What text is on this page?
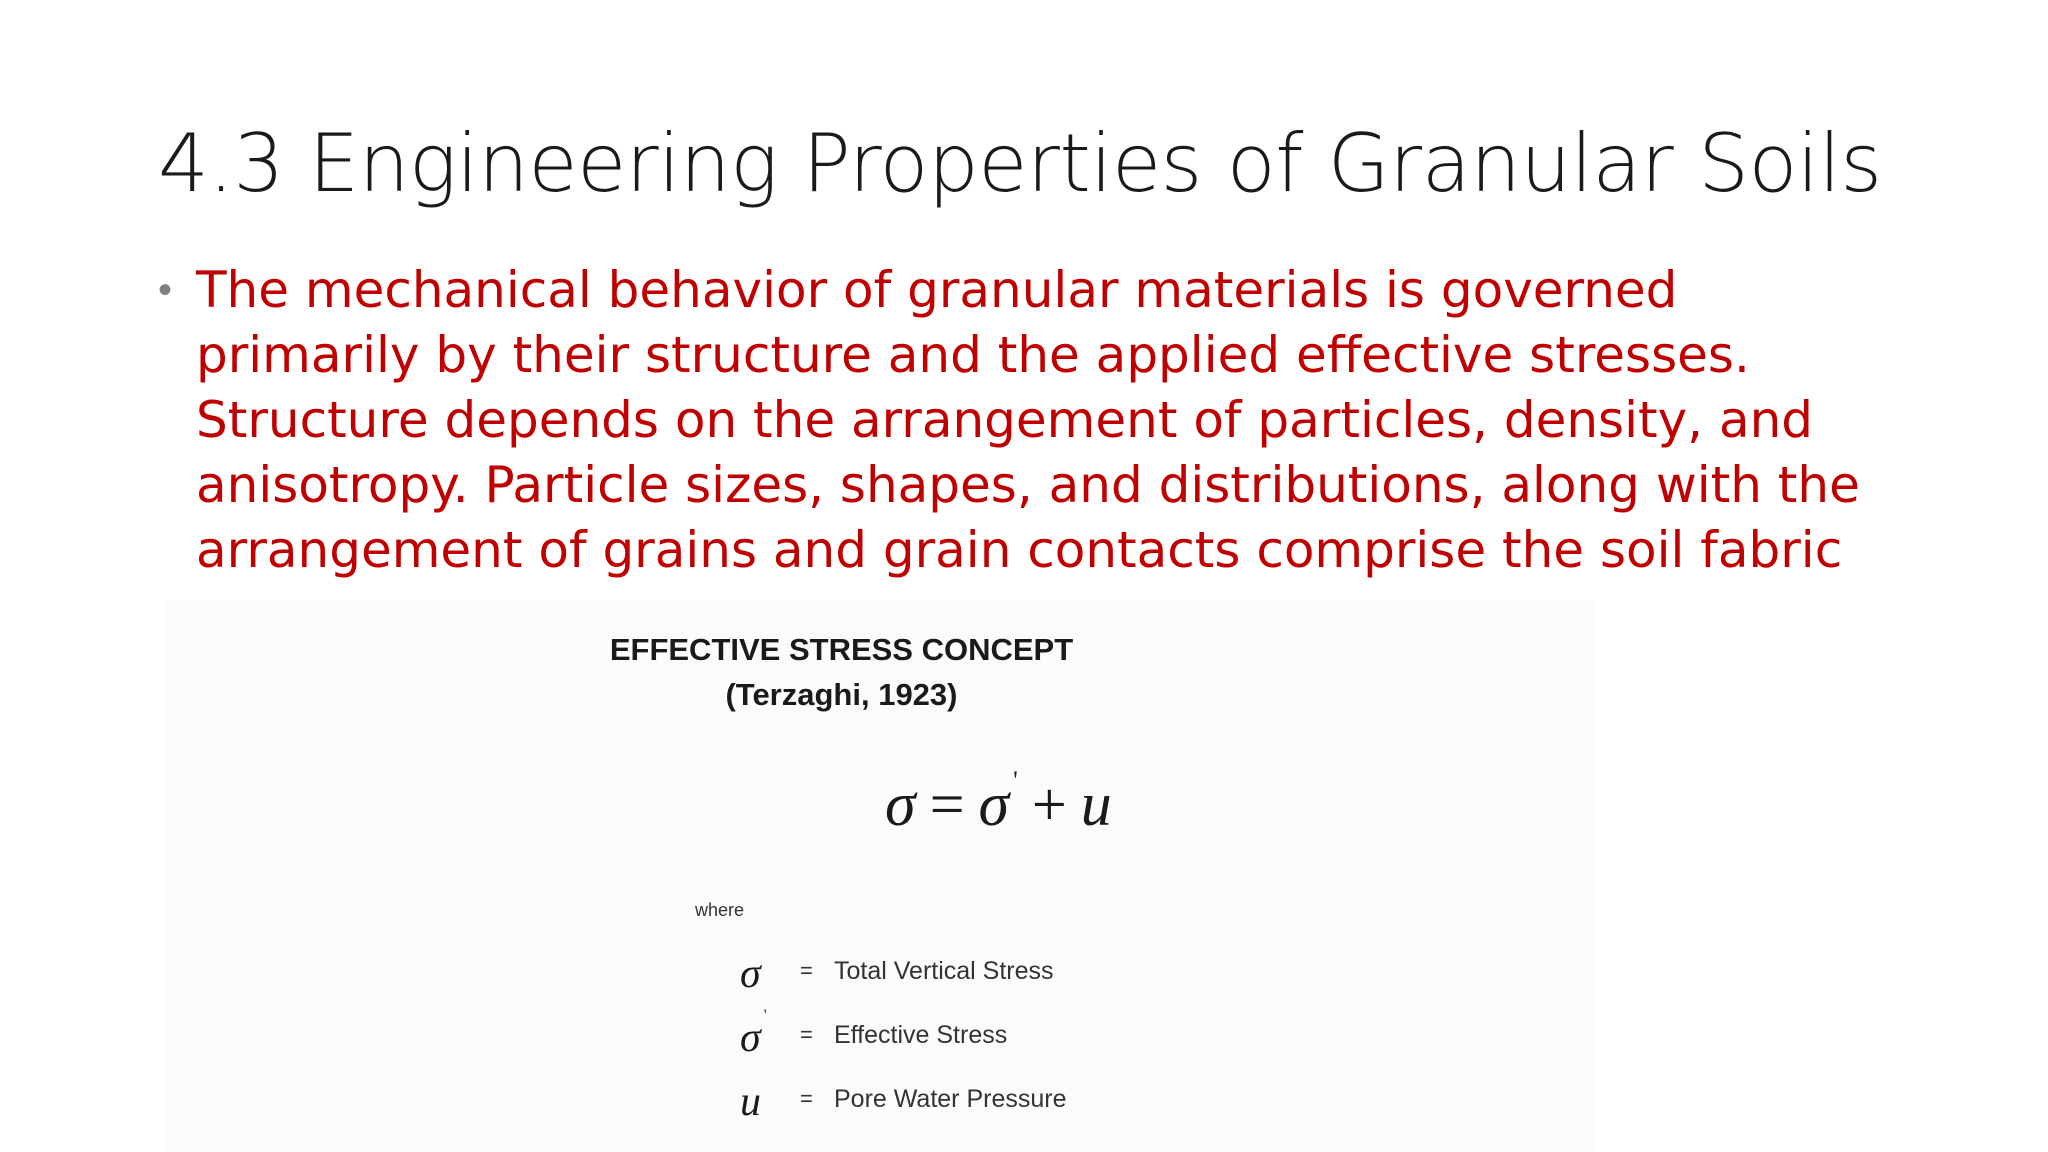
4.3 Engineering Properties of Granular Soils
• The mechanical behavior of granular materials is governed primarily by their structure and the applied effective stresses. Structure depends on the arrangement of particles, density, and anisotropy. Particle sizes, shapes, and distributions, along with the arrangement of grains and grain contacts comprise the soil fabric

EFFECTIVE STRESS CONCEPT

(Terzaghi, 1923)

σ = σ ' + u
where
σ	= Total Vertical Stress
σ '
= Effective Stress
u	= Pore Water Pressure
